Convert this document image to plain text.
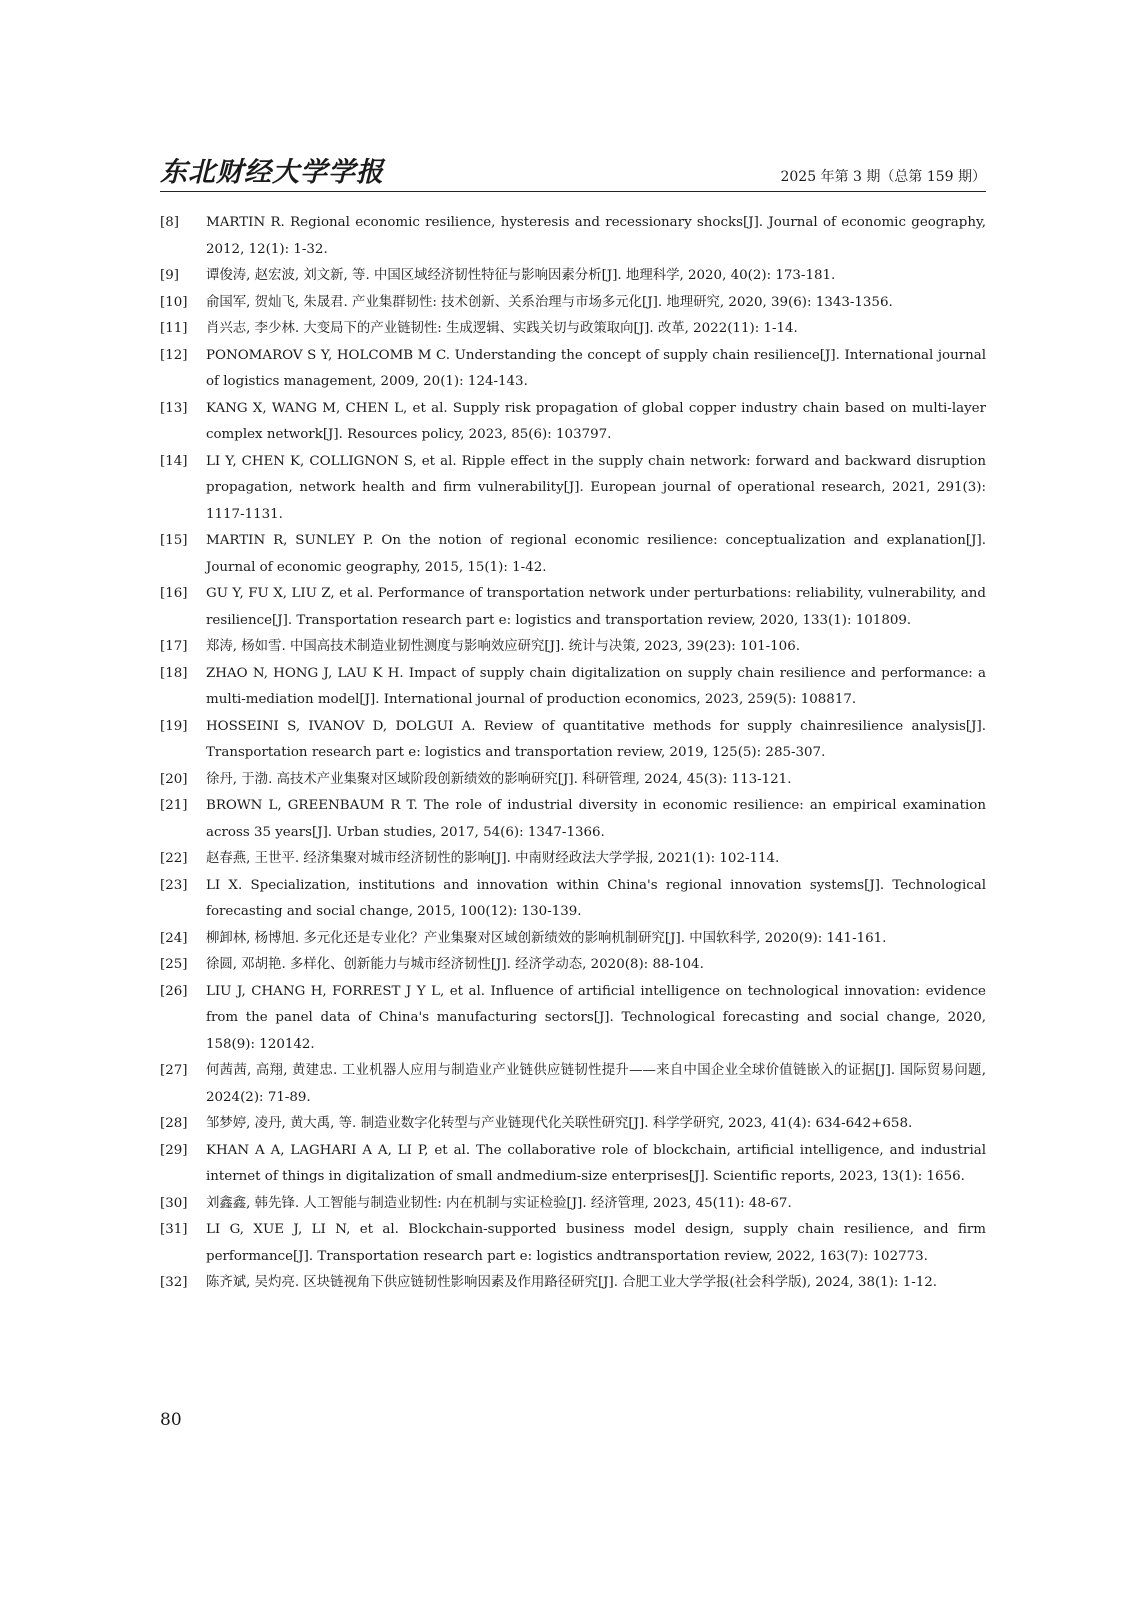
东北财经大学学报	2025 年第 3 期（总第 159 期）
[8] MARTIN R. Regional economic resilience, hysteresis and recessionary shocks[J]. Journal of economic geography, 2012, 12(1): 1-32.
[9] 谭俊涛, 赵宏波, 刘文新, 等. 中国区域经济韧性特征与影响因素分析[J]. 地理科学, 2020, 40(2): 173-181.
[10] 俞国军, 贺灿飞, 朱晟君. 产业集群韧性: 技术创新、关系治理与市场多元化[J]. 地理研究, 2020, 39(6): 1343-1356.
[11] 肖兴志, 李少林. 大变局下的产业链韧性: 生成逻辑、实践关切与政策取向[J]. 改革, 2022(11): 1-14.
[12] PONOMAROV S Y, HOLCOMB M C. Understanding the concept of supply chain resilience[J]. International journal of logistics management, 2009, 20(1): 124-143.
[13] KANG X, WANG M, CHEN L, et al. Supply risk propagation of global copper industry chain based on multi-layer complex network[J]. Resources policy, 2023, 85(6): 103797.
[14] LI Y, CHEN K, COLLIGNON S, et al. Ripple effect in the supply chain network: forward and backward disruption propagation, network health and firm vulnerability[J]. European journal of operational research, 2021, 291(3): 1117-1131.
[15] MARTIN R, SUNLEY P. On the notion of regional economic resilience: conceptualization and explanation[J]. Journal of economic geography, 2015, 15(1): 1-42.
[16] GU Y, FU X, LIU Z, et al. Performance of transportation network under perturbations: reliability, vulnerability, and resilience[J]. Transportation research part e: logistics and transportation review, 2020, 133(1): 101809.
[17] 郑涛, 杨如雪. 中国高技术制造业韧性测度与影响效应研究[J]. 统计与决策, 2023, 39(23): 101-106.
[18] ZHAO N, HONG J, LAU K H. Impact of supply chain digitalization on supply chain resilience and performance: a multi-mediation model[J]. International journal of production economics, 2023, 259(5): 108817.
[19] HOSSEINI S, IVANOV D, DOLGUI A. Review of quantitative methods for supply chainresilience analysis[J]. Transportation research part e: logistics and transportation review, 2019, 125(5): 285-307.
[20] 徐丹, 于渤. 高技术产业集聚对区域阶段创新绩效的影响研究[J]. 科研管理, 2024, 45(3): 113-121.
[21] BROWN L, GREENBAUM R T. The role of industrial diversity in economic resilience: an empirical examination across 35 years[J]. Urban studies, 2017, 54(6): 1347-1366.
[22] 赵春燕, 王世平. 经济集聚对城市经济韧性的影响[J]. 中南财经政法大学学报, 2021(1): 102-114.
[23] LI X. Specialization, institutions and innovation within China's regional innovation systems[J]. Technological forecasting and social change, 2015, 100(12): 130-139.
[24] 柳卸林, 杨博旭. 多元化还是专业化？产业集聚对区域创新绩效的影响机制研究[J]. 中国软科学, 2020(9): 141-161.
[25] 徐圆, 邓胡艳. 多样化、创新能力与城市经济韧性[J]. 经济学动态, 2020(8): 88-104.
[26] LIU J, CHANG H, FORREST J Y L, et al. Influence of artificial intelligence on technological innovation: evidence from the panel data of China's manufacturing sectors[J]. Technological forecasting and social change, 2020, 158(9): 120142.
[27] 何茜茜, 高翔, 黄建忠. 工业机器人应用与制造业产业链供应链韧性提升——来自中国企业全球价值链嵌入的证据[J]. 国际贸易问题, 2024(2): 71-89.
[28] 邹梦婷, 凌丹, 黄大禹, 等. 制造业数字化转型与产业链现代化关联性研究[J]. 科学学研究, 2023, 41(4): 634-642+658.
[29] KHAN A A, LAGHARI A A, LI P, et al. The collaborative role of blockchain, artificial intelligence, and industrial internet of things in digitalization of small andmedium-size enterprises[J]. Scientific reports, 2023, 13(1): 1656.
[30] 刘鑫鑫, 韩先锋. 人工智能与制造业韧性: 内在机制与实证检验[J]. 经济管理, 2023, 45(11): 48-67.
[31] LI G, XUE J, LI N, et al. Blockchain-supported business model design, supply chain resilience, and firm performance[J]. Transportation research part e: logistics andtransportation review, 2022, 163(7): 102773.
[32] 陈齐斌, 吴灼亮. 区块链视角下供应链韧性影响因素及作用路径研究[J]. 合肥工业大学学报(社会科学版), 2024, 38(1): 1-12.
80
